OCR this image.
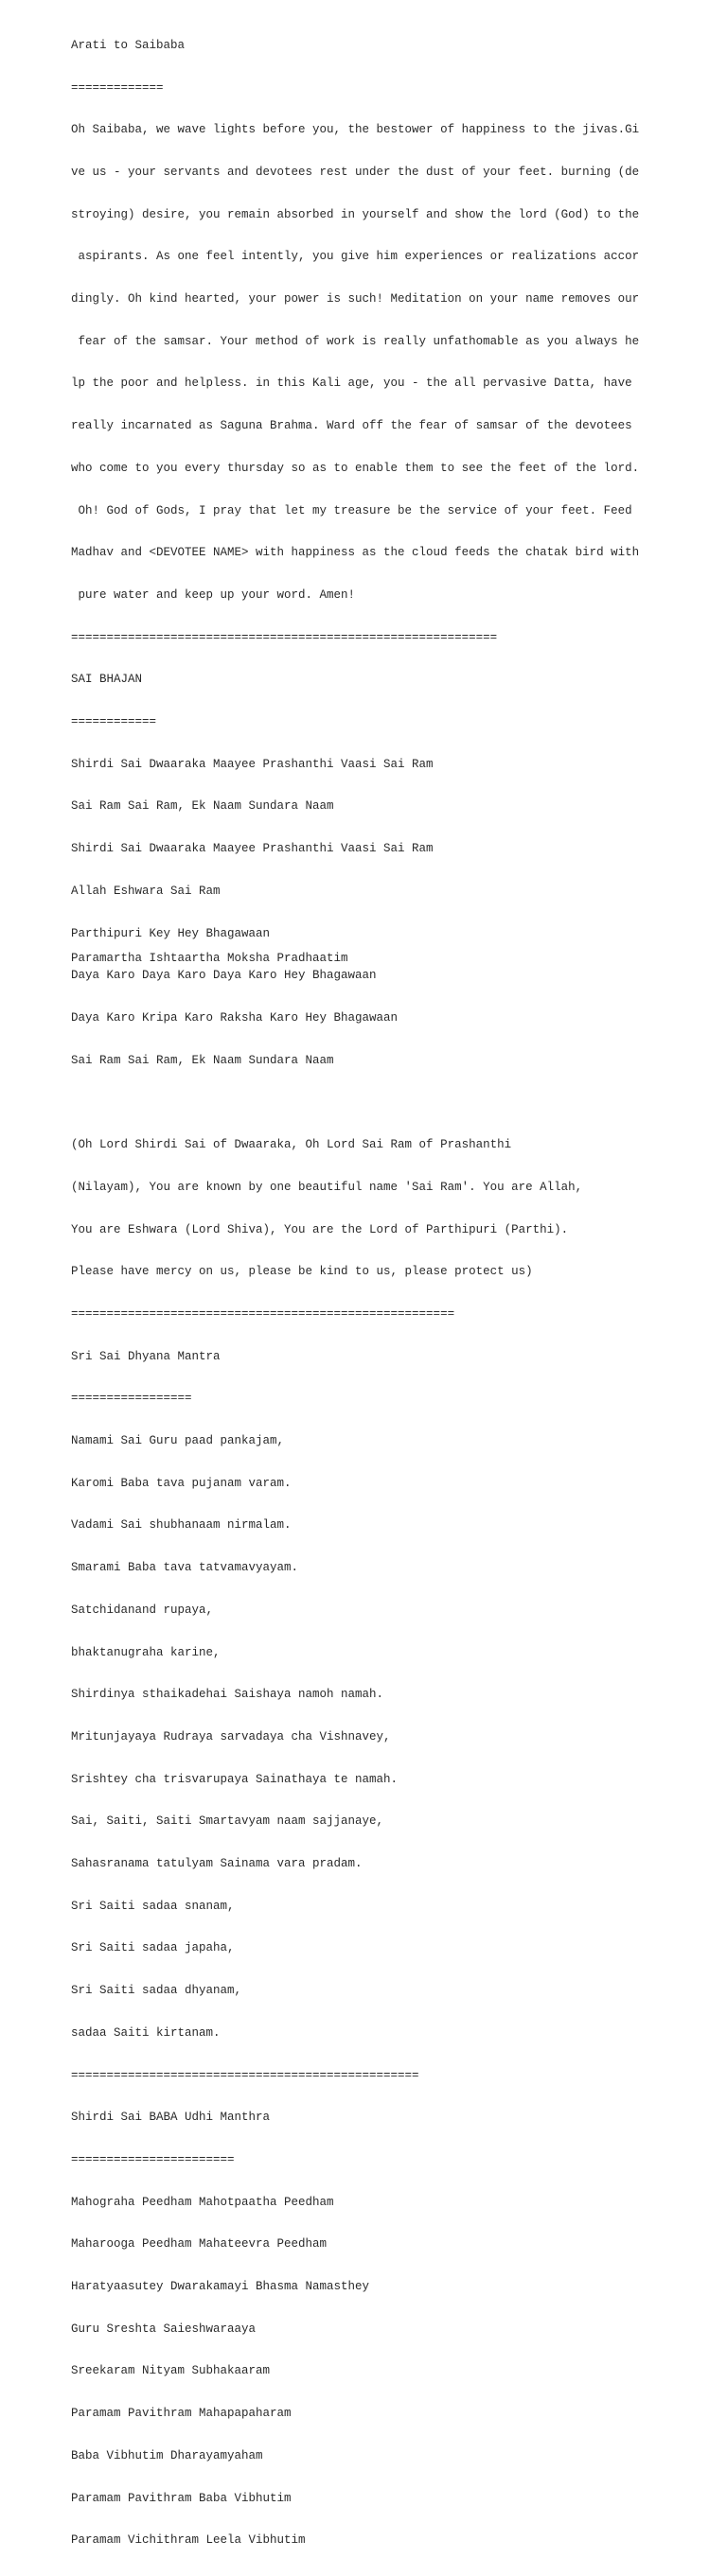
Arati to Saibaba

=============

Oh Saibaba, we wave lights before you, the bestower of happiness to the jivas.Gi

ve us - your servants and devotees rest under the dust of your feet. burning (de

stroying) desire, you remain absorbed in yourself and show the lord (God) to the

aspirants. As one feel intently, you give him experiences or realizations accor

dingly. Oh kind hearted, your power is such! Meditation on your name removes our

fear of the samsar. Your method of work is really unfathomable as you always he

lp the poor and helpless. in this Kali age, you - the all pervasive Datta, have

really incarnated as Saguna Brahma. Ward off the fear of samsar of the devotees

who come to you every thursday so as to enable them to see the feet of the lord.

Oh! God of Gods, I pray that let my treasure be the service of your feet. Feed

Madhav and <DEVOTEE NAME> with happiness as the cloud feeds the chatak bird with

pure water and keep up your word. Amen!

============================================================

SAI BHAJAN

============

Shirdi Sai Dwaaraka Maayee Prashanthi Vaasi Sai Ram

Sai Ram Sai Ram, Ek Naam Sundara Naam

Shirdi Sai Dwaaraka Maayee Prashanthi Vaasi Sai Ram

Allah Eshwara Sai Ram

Parthipuri Key Hey Bhagawaan

Daya Karo Daya Karo Daya Karo Hey Bhagawaan

Daya Karo Kripa Karo Raksha Karo Hey Bhagawaan

Sai Ram Sai Ram, Ek Naam Sundara Naam

(Oh Lord Shirdi Sai of Dwaaraka, Oh Lord Sai Ram of Prashanthi

(Nilayam), You are known by one beautiful name 'Sai Ram'. You are Allah,

You are Eshwara (Lord Shiva), You are the Lord of Parthipuri (Parthi).

Please have mercy on us, please be kind to us, please protect us)

======================================================

Sri Sai Dhyana Mantra

=================

Namami Sai Guru paad pankajam,

Karomi Baba tava pujanam varam.

Vadami Sai shubhanaam nirmalam.

Smarami Baba tava tatvamavyayam.

Satchidanand rupaya,

bhaktanugraha karine,

Shirdinya sthaikadehai Saishaya namoh namah.

Mritunjayaya Rudraya sarvadaya cha Vishnavey,

Srishtey cha trisvarupaya Sainathaya te namah.

Sai, Saiti, Saiti Smartavyam naam sajjanaye,

Sahasranama tatulyam Sainama vara pradam.

Sri Saiti sadaa snanam,

Sri Saiti sadaa japaha,

Sri Saiti sadaa dhyanam,

sadaa Saiti kirtanam.

=================================================

Shirdi Sai BABA Udhi Manthra

=======================

Mahograha Peedham Mahotpaatha Peedham

Maharooga Peedham Mahateevra Peedham

Haratyaasutey Dwarakamayi Bhasma Namasthey

Guru Sreshta Saieshwaraaya

Sreekaram Nityam Subhakaaram

Paramam Pavithram Mahapapaharam

Baba Vibhutim Dharayamyaham

Paramam Pavithram Baba Vibhutim

Paramam Vichithram Leela Vibhutim

Paramartha Ishtaartha Moksha Pradhaatim
